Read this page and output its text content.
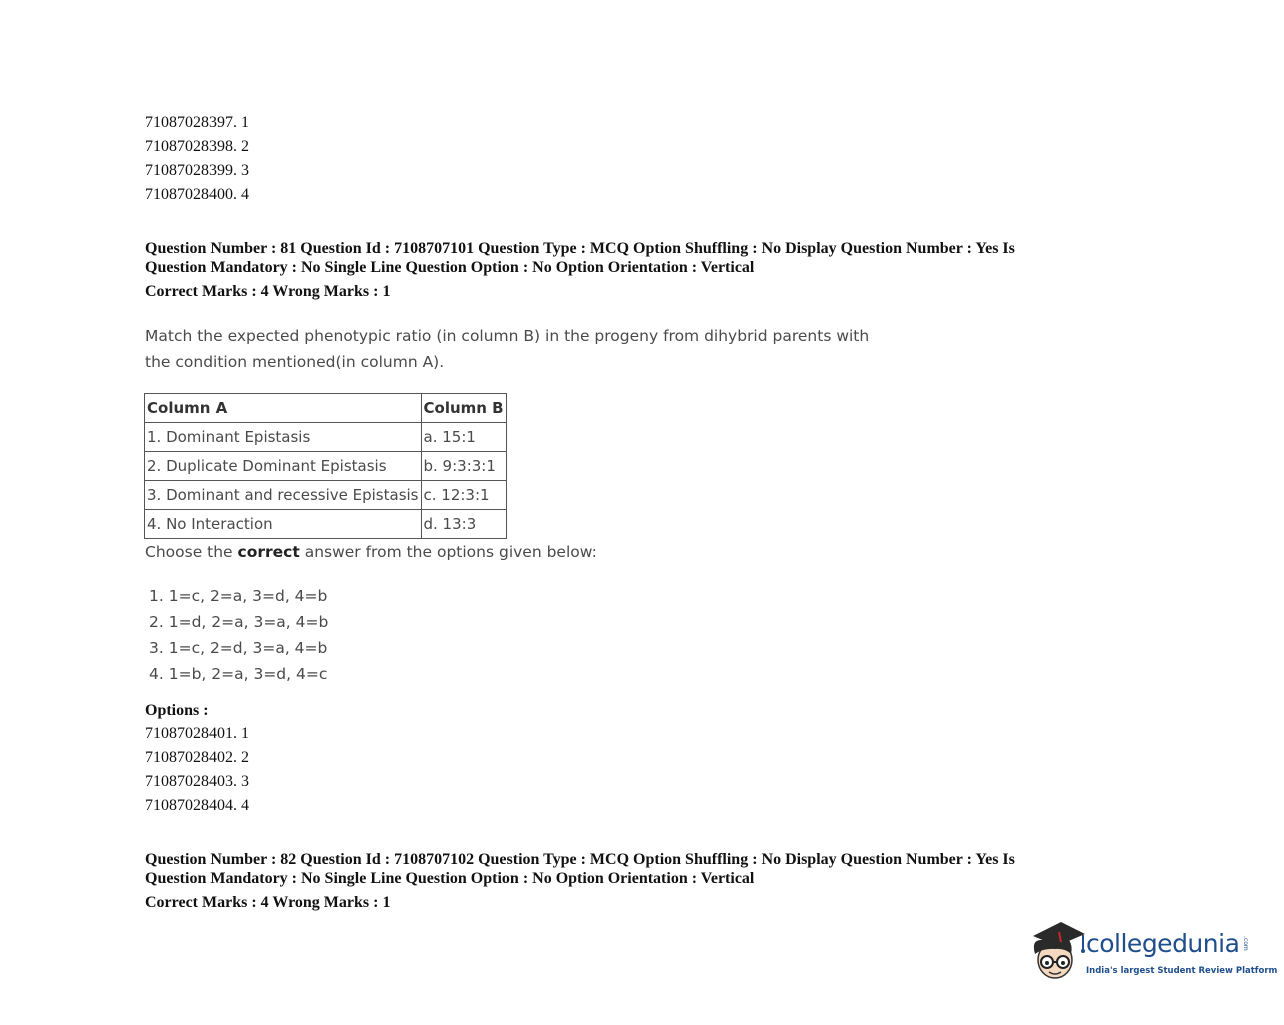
71087028397. 1
71087028398. 2
71087028399. 3
71087028400. 4
Question Number : 81 Question Id : 7108707101 Question Type : MCQ Option Shuffling : No Display Question Number : Yes Is
Question Mandatory : No Single Line Question Option : No Option Orientation : Vertical
Correct Marks : 4 Wrong Marks : 1
Match the expected phenotypic ratio (in column B) in the progeny from dihybrid parents with
the condition mentioned(in column A).
Column A	Column B
1. Dominant Epistasis	a. 15:1
2. Duplicate Dominant Epistasis	b. 9:3:3:1
3. Dominant and recessive Epistasis	c. 12:3:1
4. No Interaction	d. 13:3
Choose the correct answer from the options given below:
1. 1=c, 2=a, 3=d, 4=b
2. 1=d, 2=a, 3=a, 4=b
3. 1=c, 2=d, 3=a, 4=b
4. 1=b, 2=a, 3=d, 4=c
Options :
71087028401. 1
71087028402. 2
71087028403. 3
71087028404. 4
Question Number : 82 Question Id : 7108707102 Question Type : MCQ Option Shuffling : No Display Question Number : Yes Is
Question Mandatory : No Single Line Question Option : No Option Orientation : Vertical
Correct Marks : 4 Wrong Marks : 1
collegedunia .com
India's largest Student Review Platform
